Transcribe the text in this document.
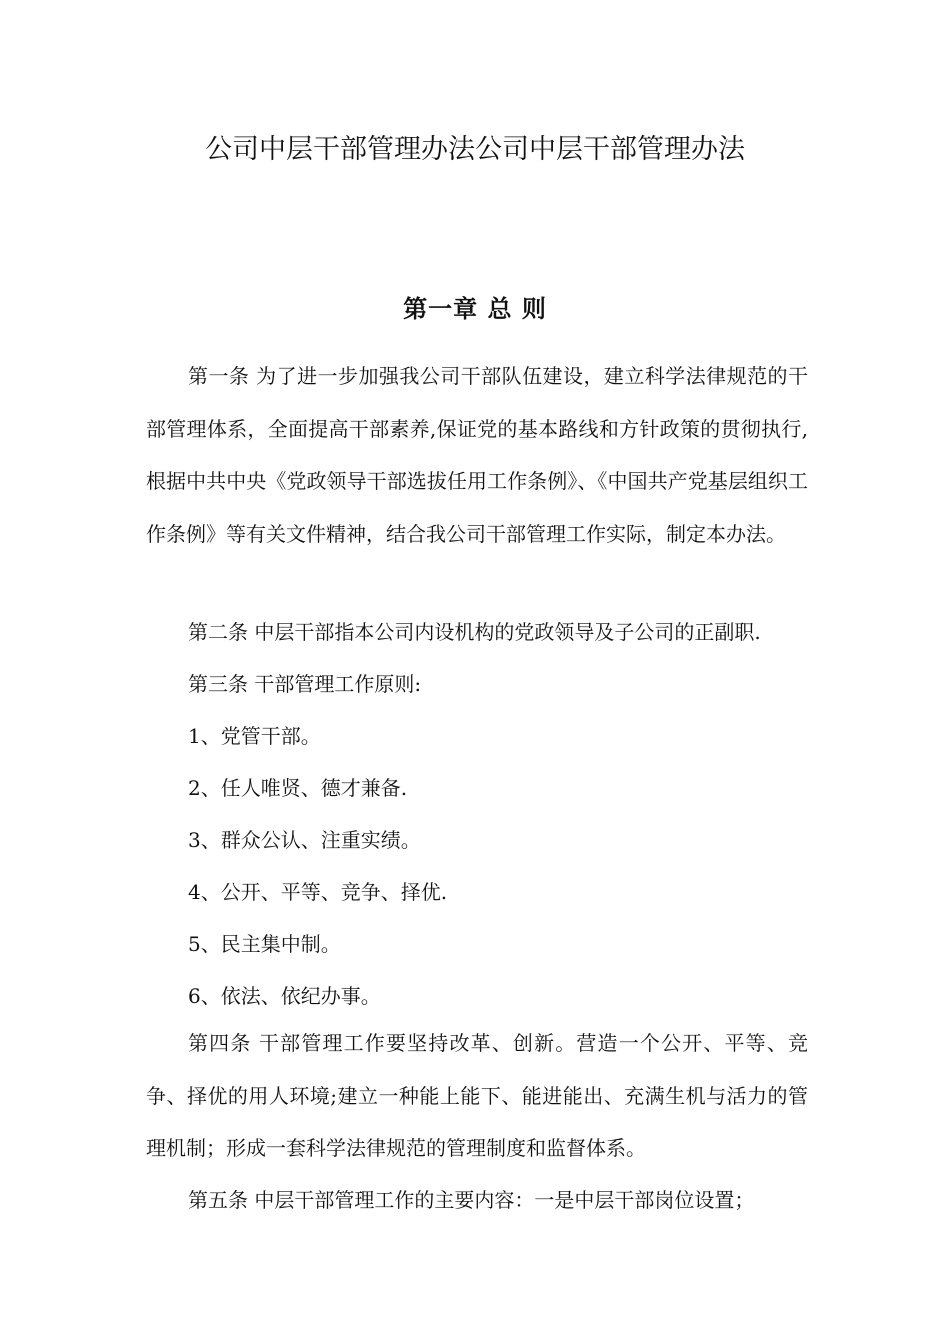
公司中层干部管理办法公司中层干部管理办法
第一章 总 则

第一条 为了进一步加强我公司干部队伍建设，建立科学法律规范的干部管理体系，全面提高干部素养,保证党的基本路线和方针政策的贯彻执行,根据中共中央《党政领导干部选拔任用工作条例》、《中国共产党基层组织工作条例》等有关文件精神，结合我公司干部管理工作实际，制定本办法。

第二条 中层干部指本公司内设机构的党政领导及子公司的正副职.

第三条 干部管理工作原则:

1、党管干部。

2、任人唯贤、德才兼备.

3、群众公认、注重实绩。

4、公开、平等、竞争、择优.

5、民主集中制。

6、依法、依纪办事。

第四条 干部管理工作要坚持改革、创新。营造一个公开、平等、竞争、择优的用人环境;建立一种能上能下、能进能出、充满生机与活力的管理机制；形成一套科学法律规范的管理制度和监督体系。

第五条 中层干部管理工作的主要内容：一是中层干部岗位设置；
